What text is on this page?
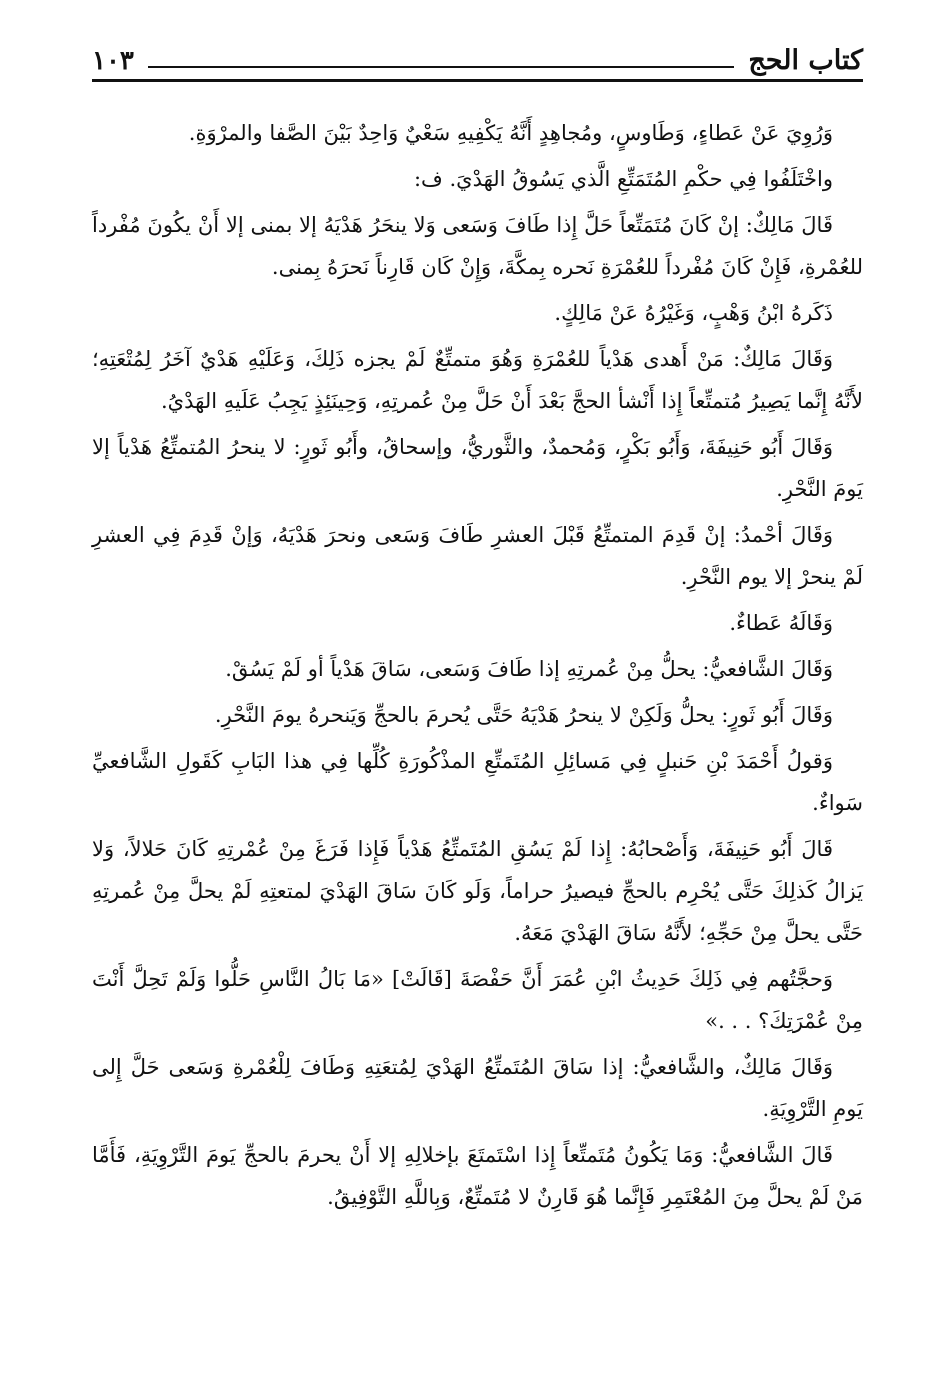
كتاب الحج
١٠٣

وَرُوِيَ عَنْ عَطاءٍ، وَطَاوسٍ، ومُجاهِدٍ أَنَّهُ يَكْفِيهِ سَعْيٌ وَاحِدٌ بَيْنَ الصَّفا والمرْوَةِ.

واخْتَلَفُوا فِي حكْمِ المُتَمَتِّعِ الَّذي يَسُوقُ الهَدْيَ. ف:

قَالَ مَالِكٌ: إنْ كَانَ مُتَمَتِّعاً حَلَّ إِذا طَافَ وَسَعى وَلا ينحَرُ هَدْيَهُ إلا بمنى إلا أَنْ يكُونَ مُفْرداً للعُمْرةِ، فَإِنْ كَانَ مُفْرداً للعُمْرَةِ نَحره بِمكَّةَ، وَإِنْ كَان قَارِناً نَحرَهُ بِمنى.

ذَكَرهُ ابْنُ وَهْبٍ، وَغَيْرُهُ عَنْ مَالِكٍ.

وَقَالَ مَالِكٌ: مَنْ أَهدى هَدْياً للعُمْرَةِ وَهُوَ متمتِّعٌ لَمْ يجزه ذَلِكَ، وَعَلَيْهِ هَدْيٌ آخَرُ لِمُتْعَتِهِ؛ لأَنَّهُ إِنَّما يَصِيرُ مُتمتِّعاً إِذا أَنْشأ الحجَّ بَعْدَ أَنْ حَلَّ مِنْ عُمرتِهِ، وَحِينَئِذٍ يَجِبُ عَلَيهِ الهَدْيُ.

وَقَالَ أَبُو حَنِيفَةَ، وَأَبُو بَكْرٍ، وَمُحمدٌ، والثَّوريُّ، وإسحاقُ، وأَبُو ثَورٍ: لا ينحرُ المُتمتِّعُ هَدْياً إلا يَومَ النَّحْرِ.

وَقَالَ أحْمدُ: إنْ قَدِمَ المتمتِّعُ قَبْلَ العشرِ طَافَ وَسَعى ونحرَ هَدْيَهُ، وَإنْ قَدِمَ فِي العشرِ لَمْ ينحرْ إلا يوم النَّحْرِ.

وَقَالَهُ عَطاءٌ.

وَقَالَ الشَّافعيُّ: يحلُّ مِنْ عُمرتِهِ إذا طَافَ وَسَعى، سَاقَ هَدْياً أو لَمْ يَسُقْ.

وَقَالَ أَبُو ثَورٍ: يحلُّ وَلَكِنْ لا ينحرُ هَدْيَهُ حَتَّى يُحرمَ بالحجِّ وَيَنحرهُ يومَ النَّحْرِ.

وَقولُ أَحْمَدَ بْنِ حَنبلٍ فِي مَسائِلِ المُتَمتِّعِ المذْكُورَةِ كُلِّها فِي هذا البَابِ كَقَولِ الشَّافعيِّ سَواءٌ.

قَالَ أَبُو حَنِيفَةَ، وَأَصْحابُهُ: إِذا لَمْ يَسُقِ المُتَمتِّعُ هَدْياً فَإِذا فَرَغَ مِنْ عُمْرتِهِ كَانَ حَلالاً، وَلا يَزالُ كَذلِكَ حَتَّى يُحْرِم بالحجِّ فيصيرُ حراماً، وَلَو كَانَ سَاقَ الهَدْيَ لمتعتِهِ لَمْ يحلَّ مِنْ عُمرتِهِ حَتَّى يحلَّ مِنْ حَجِّهِ؛ لأَنَّهُ سَاقَ الهَدْيَ مَعَهُ.

وَحجَّتُهم فِي ذَلِكَ حَدِيثُ ابْنِ عُمَرَ أَنَّ حَفْصَةَ [قَالَتْ] «مَا بَالُ النَّاسِ حَلُّوا وَلَمْ تَحِلَّ أَنْتَ مِنْ عُمْرَتِكَ؟ . . .»

وَقَالَ مَالِكٌ، والشَّافعيُّ: إذا سَاقَ المُتَمتِّعُ الهَدْيَ لِمُتعَتِهِ وَطَافَ لِلْعُمْرةِ وَسَعى حَلَّ إِلى يَومِ التَّرْوِيَةِ.

قَالَ الشَّافعيُّ: وَمَا يَكُونُ مُتَمتِّعاً إِذا اسْتَمتَعَ بإخلالِهِ إلا أَنْ يحرمَ بالحجِّ يَومَ التَّرْوِيَةِ، فَأَمَّا مَنْ لَمْ يحلَّ مِنَ المُعْتَمِرِ فَإِنَّما هُوَ قَارِنٌ لا مُتَمتِّعٌ، وَبِاللَّهِ التَّوْفِيقُ.
